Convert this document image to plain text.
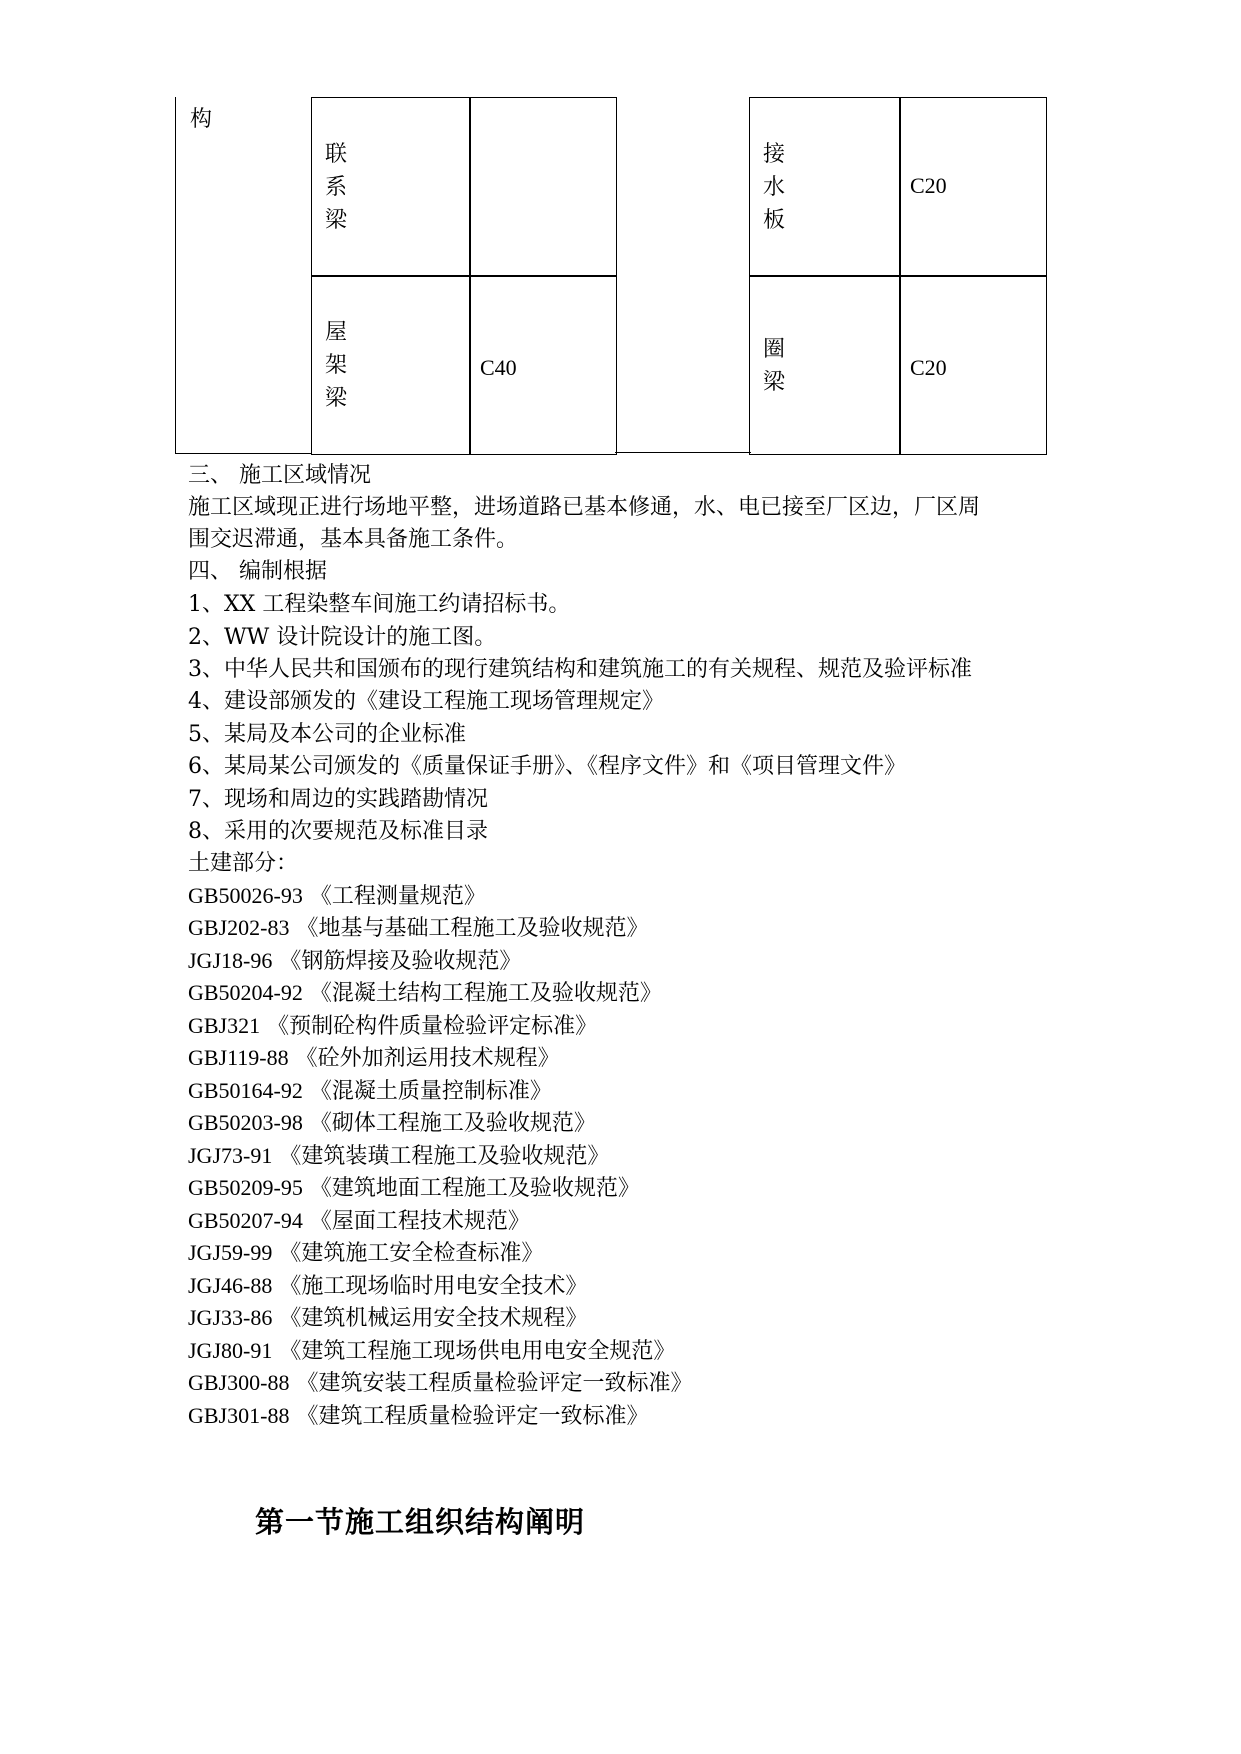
构
联系梁
屋架梁
C40
接水板
C20
圈梁
C20
三、 施工区域情况
施工区域现正进行场地平整，进场道路已基本修通，水、电已接至厂区边，厂区周
围交迟滞通，基本具备施工条件。
四、 编制根据
1、XX 工程染整车间施工约请招标书。
2、WW 设计院设计的施工图。
3、中华人民共和国颁布的现行建筑结构和建筑施工的有关规程、规范及验评标准
4、建设部颁发的《建设工程施工现场管理规定》
5、某局及本公司的企业标准
6、某局某公司颁发的《质量保证手册》、《程序文件》和《项目管理文件》
7、现场和周边的实践踏勘情况
8、采用的次要规范及标准目录
土建部分：
GB50026-93 《工程测量规范》
GBJ202-83 《地基与基础工程施工及验收规范》
JGJ18-96 《钢筋焊接及验收规范》
GB50204-92 《混凝土结构工程施工及验收规范》
GBJ321 《预制砼构件质量检验评定标准》
GBJ119-88 《砼外加剂运用技术规程》
GB50164-92 《混凝土质量控制标准》
GB50203-98 《砌体工程施工及验收规范》
JGJ73-91 《建筑装璜工程施工及验收规范》
GB50209-95 《建筑地面工程施工及验收规范》
GB50207-94 《屋面工程技术规范》
JGJ59-99 《建筑施工安全检查标准》
JGJ46-88 《施工现场临时用电安全技术》
JGJ33-86 《建筑机械运用安全技术规程》
JGJ80-91 《建筑工程施工现场供电用电安全规范》
GBJ300-88 《建筑安装工程质量检验评定一致标准》
GBJ301-88 《建筑工程质量检验评定一致标准》
第一节施工组织结构阐明
